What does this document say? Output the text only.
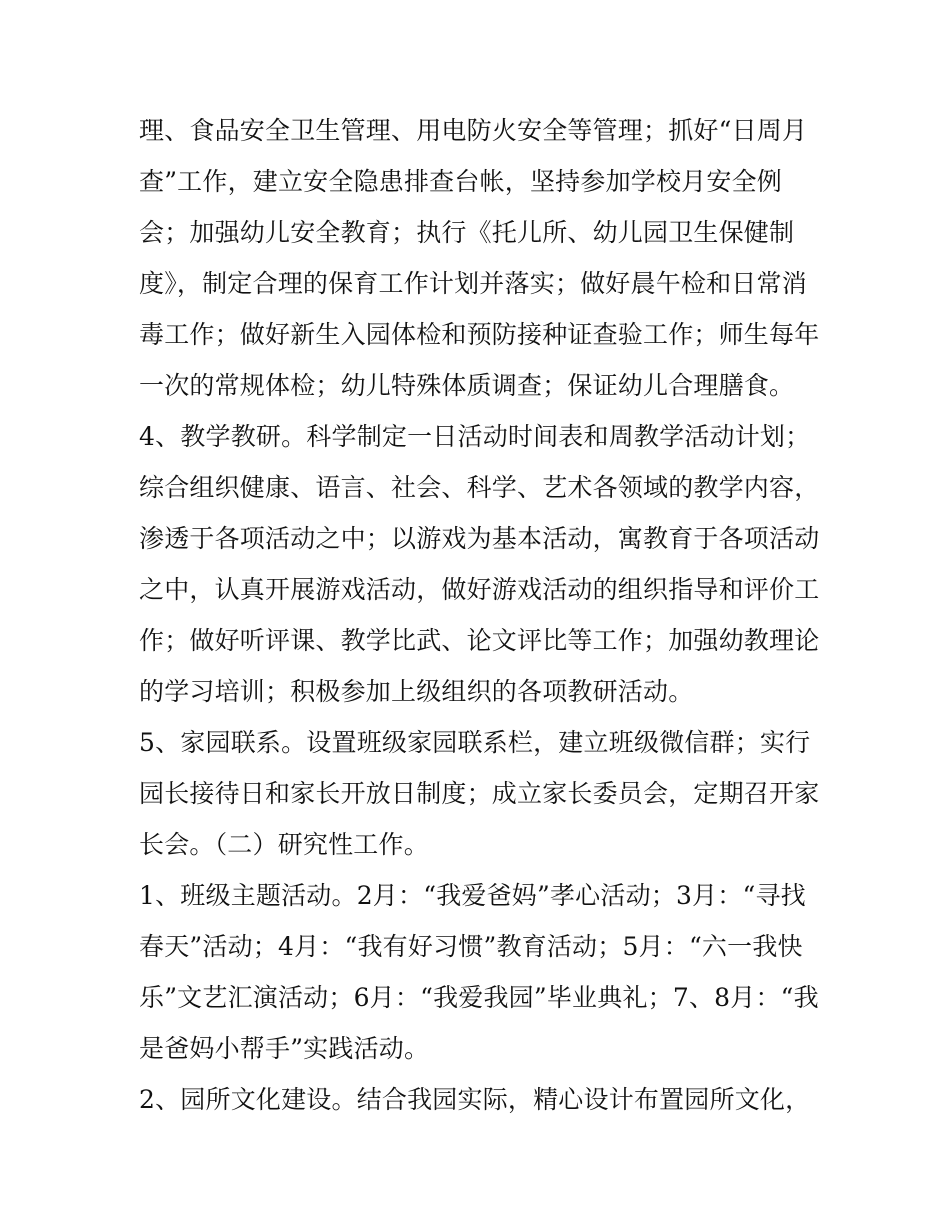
理、食品安全卫生管理、用电防火安全等管理；抓好“日周月
查”工作，建立安全隐患排查台帐，坚持参加学校月安全例
会；加强幼儿安全教育；执行《托儿所、幼儿园卫生保健制
度》，制定合理的保育工作计划并落实；做好晨午检和日常消
毒工作；做好新生入园体检和预防接种证查验工作；师生每年
一次的常规体检；幼儿特殊体质调查；保证幼儿合理膳食。
4、教学教研。科学制定一日活动时间表和周教学活动计划；
综合组织健康、语言、社会、科学、艺术各领域的教学内容，
渗透于各项活动之中；以游戏为基本活动，寓教育于各项活动
之中，认真开展游戏活动，做好游戏活动的组织指导和评价工
作；做好听评课、教学比武、论文评比等工作；加强幼教理论
的学习培训；积极参加上级组织的各项教研活动。
5、家园联系。设置班级家园联系栏，建立班级微信群；实行
园长接待日和家长开放日制度；成立家长委员会，定期召开家
长会。（二）研究性工作。
1、班级主题活动。2月：“我爱爸妈”孝心活动；3月：“寻找
春天”活动；4月：“我有好习惯”教育活动；5月：“六一我快
乐”文艺汇演活动；6月：“我爱我园”毕业典礼；7、8月：“我
是爸妈小帮手”实践活动。
2、园所文化建设。结合我园实际，精心设计布置园所文化，
